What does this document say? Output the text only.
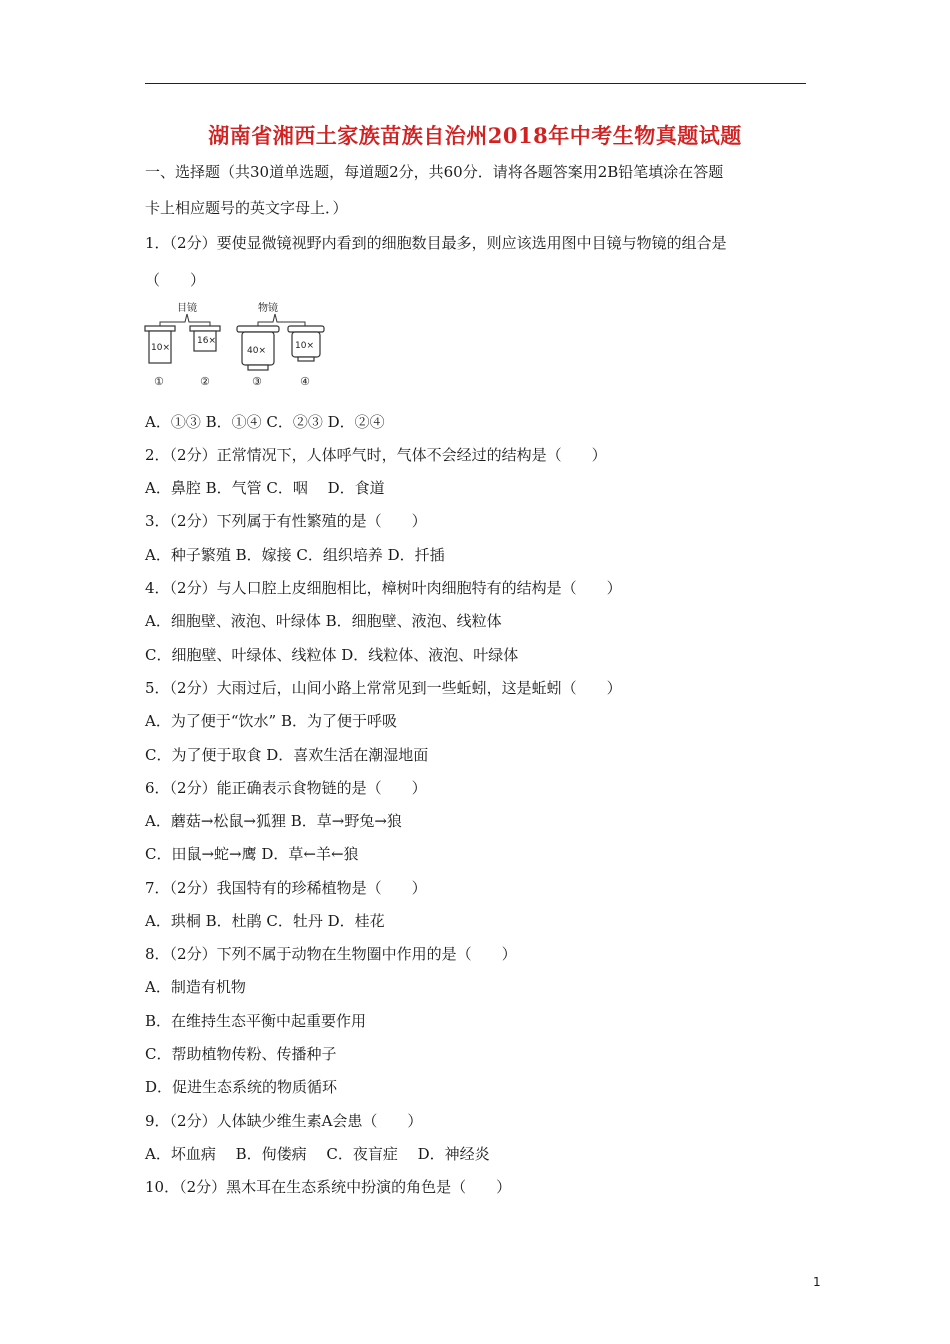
湖南省湘西土家族苗族自治州2018年中考生物真题试题
一、选择题（共30道单选题，每道题2分，共60分．请将各题答案用2B铅笔填涂在答题
卡上相应题号的英文字母上．）
1．（2分）要使显微镜视野内看到的细胞数目最多，则应该选用图中目镜与物镜的组合是
（　　）
目镜	物镜
10×
16×
40×	10×
①	②	③	④
A．①③ B．①④ C．②③ D．②④
2．（2分）正常情况下，人体呼气时，气体不会经过的结构是（　　）
A．鼻腔 B．气管 C．咽　 D．食道
3．（2分）下列属于有性繁殖的是（　　）
A．种子繁殖 B．嫁接 C．组织培养 D．扦插
4．（2分）与人口腔上皮细胞相比，樟树叶肉细胞特有的结构是（　　）
A．细胞壁、液泡、叶绿体 B．细胞壁、液泡、线粒体
C．细胞壁、叶绿体、线粒体 D．线粒体、液泡、叶绿体
5．（2分）大雨过后，山间小路上常常见到一些蚯蚓，这是蚯蚓（　　）
A．为了便于“饮水” B．为了便于呼吸
C．为了便于取食 D．喜欢生活在潮湿地面
6．（2分）能正确表示食物链的是（　　）
A．蘑菇→松鼠→狐狸 B．草→野兔→狼
C．田鼠→蛇→鹰 D．草←羊←狼
7．（2分）我国特有的珍稀植物是（　　）
A．珙桐 B．杜鹃 C．牡丹 D．桂花
8．（2分）下列不属于动物在生物圈中作用的是（　　）
A．制造有机物
B．在维持生态平衡中起重要作用
C．帮助植物传粉、传播种子
D．促进生态系统的物质循环
9．（2分）人体缺少维生素A会患（　　）
A．坏血病　 B．佝偻病　 C．夜盲症　 D．神经炎
10．（2分）黑木耳在生态系统中扮演的角色是（　　）
1
